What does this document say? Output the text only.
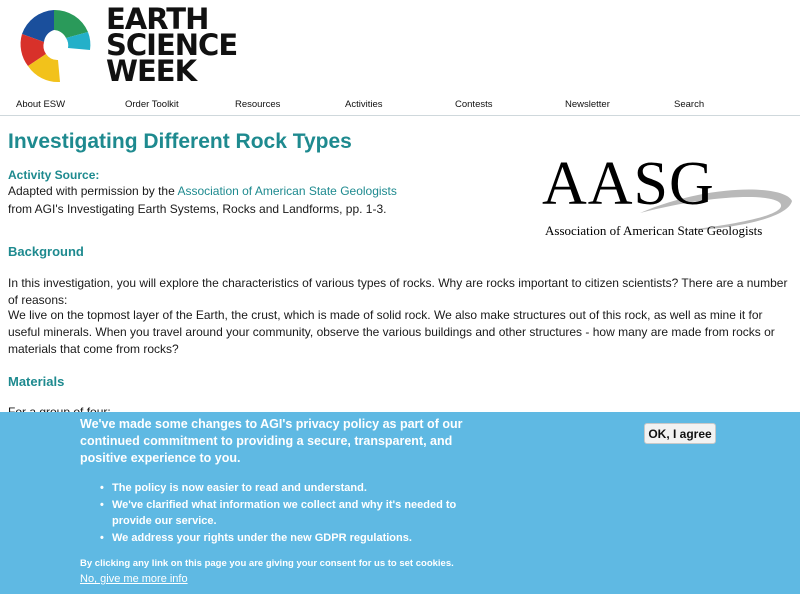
EARTH
SCIENCE
WEEK
About ESW	Order Toolkit	Resources	Activities	Contests	Newsletter	Search
Investigating Different Rock Types
Activity Source:
Adapted with permission by the Association of American State Geologists
from AGI's Investigating Earth Systems, Rocks and Landforms, pp. 1-3.
Background

In this investigation, you will explore the characteristics of various types of rocks. Why are rocks important to citizen scientists? There are a number of reasons:

We live on the topmost layer of the Earth, the crust, which is made of solid rock. We also make structures out of this rock, as well as mine it for useful minerals. When you travel around your community, observe the various buildings and other structures - how many are made from rocks or materials that come from rocks?

Materials

AASG
Association of American State Geologists
We've made some changes to AGI's privacy policy as part of our continued commitment to providing a secure, transparent, and positive experience to you.
• The policy is now easier to read and understand.
• We've clarified what information we collect and why it's needed to provide our service.
• We address your rights under the new GDPR regulations.
By clicking any link on this page you are giving your consent for us to set cookies.
No, give me more info
OK, I agree
